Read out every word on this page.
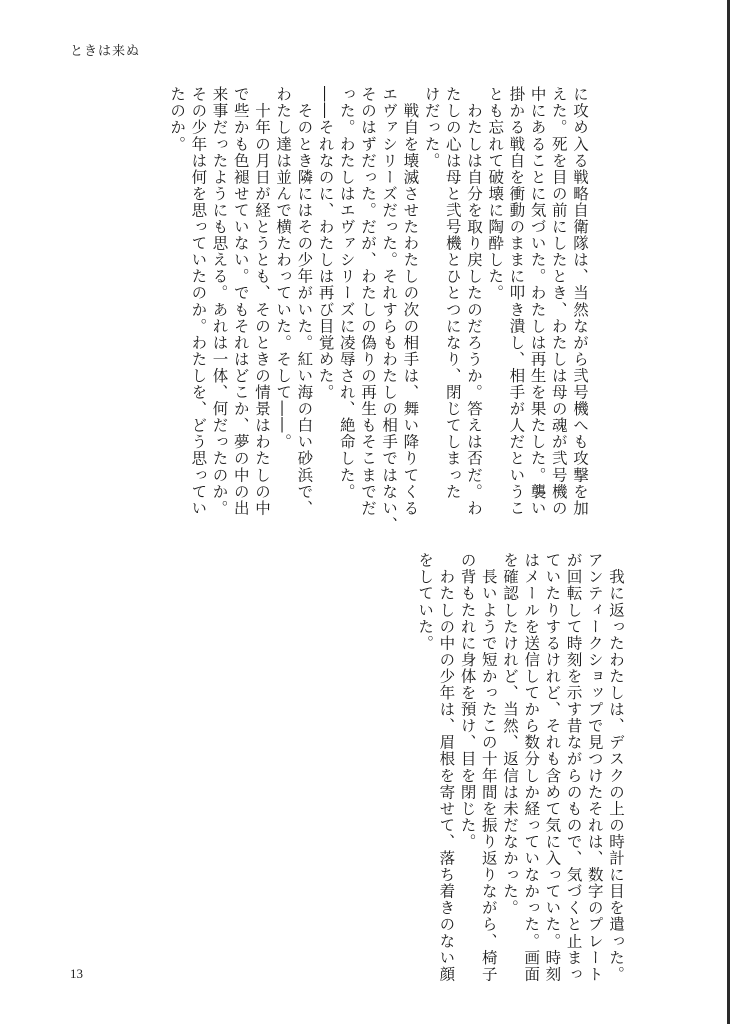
ときは来ぬ
に攻め入る戦略自衛隊は、当然ながら弐号機へも攻撃を加
えた。死を目の前にしたとき、わたしは母の魂が弐号機の
中にあることに気づいた。わたしは再生を果たした。襲い
掛かる戦自を衝動のままに叩き潰し、相手が人だというこ
とも忘れて破壊に陶酔した。
　わたしは自分を取り戻したのだろうか。答えは否だ。わ
たしの心は母と弐号機とひとつになり、閉じてしまった
けだった。
　戦自を壊滅させたわたしの次の相手は、舞い降りてくる
エヴァシリーズだった。それすらもわたしの相手ではない、
そのはずだった。だが、わたしの偽りの再生もそこまでだ
った。わたしはエヴァシリーズに凌辱され、絶命した。
――それなのに、わたしは再び目覚めた。
　そのとき隣にはその少年がいた。紅い海の白い砂浜で、
わたし達は並んで横たわっていた。そして――。
　十年の月日が経とうとも、そのときの情景はわたしの中
で些かも色褪せていない。でもそれはどこか、夢の中の出
来事だったようにも思える。あれは一体、何だったのか。
その少年は何を思っていたのか。わたしを、どう思ってい
たのか。
　我に返ったわたしは、デスクの上の時計に目を遣った。
アンティークショップで見つけたそれは、数字のプレート
が回転して時刻を示す昔ながらのもので、気づくと止まっ
ていたりするけれど、それも含めて気に入っていた。時刻
はメールを送信してから数分しか経っていなかった。画面
を確認したけれど、当然、返信は未だなかった。
　長いようで短かったこの十年間を振り返りながら、椅子
の背もたれに身体を預け、目を閉じた。
　わたしの中の少年は、眉根を寄せて、落ち着きのない顔
をしていた。
13
